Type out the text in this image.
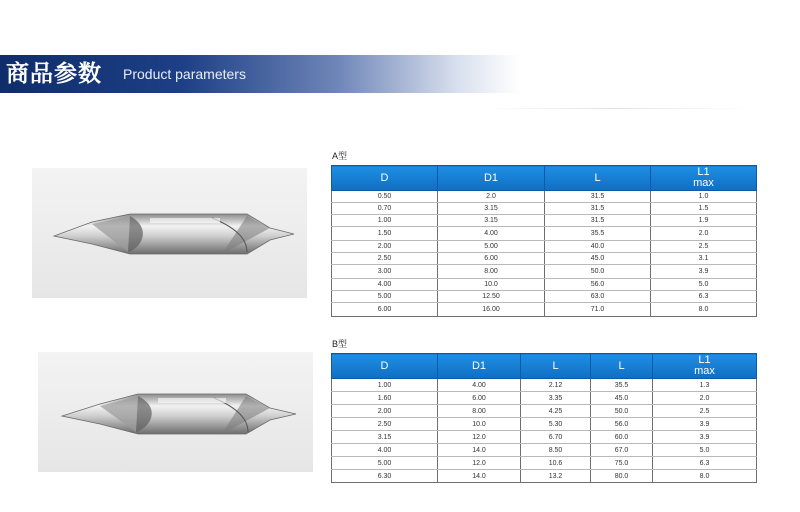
商品参数 Product parameters
A型
D	D1	L	L1
max

0.50	2.0	31.5	1.0
0.70	3.15	31.5	1.5
1.00	3.15	31.5	1.9
1.50	4.00	35.5	2.0
2.00	5.00	40.0	2.5
2.50	6.00	45.0	3.1
3.00	8.00	50.0	3.9
4.00	10.0	56.0	5.0
5.00	12.50	63.0	6.3
6.00	16.00	71.0	8.0
B型
D	D1	L	L	L1
max

1.00	4.00	2.12	35.5	1.3
1.60	6.00	3.35	45.0	2.0
2.00	8.00	4.25	50.0	2.5
2.50	10.0	5.30	56.0	3.9
3.15	12.0	6.70	60.0	3.9
4.00	14.0	8.50	67.0	5.0
5.00	12.0	10.6	75.0	6.3
6.30	14.0	13.2	80.0	8.0
